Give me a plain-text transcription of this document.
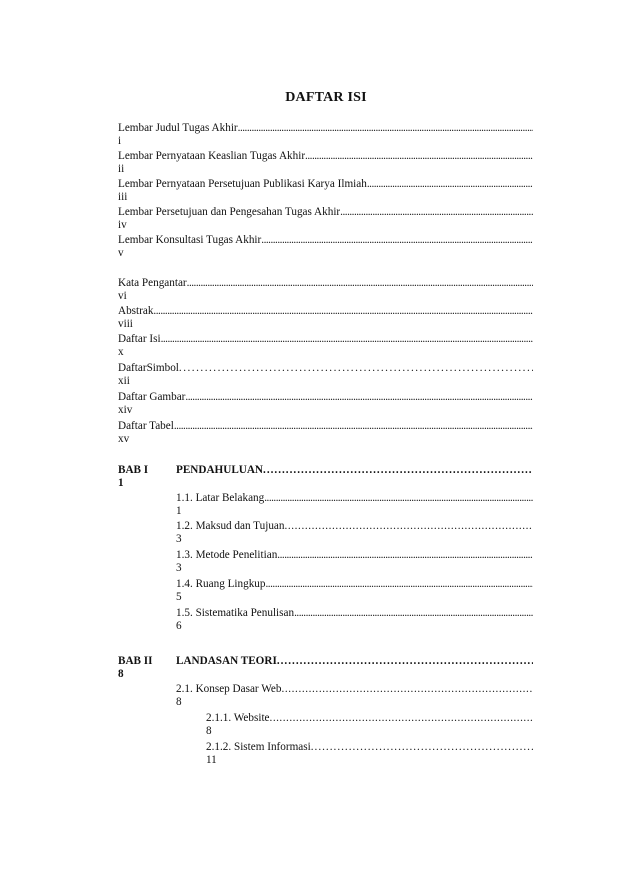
DAFTAR ISI
Lembar Judul Tugas Akhir
.....
i
Lembar Pernyataan Keaslian Tugas Akhir
.....
ii
Lembar Pernyataan Persetujuan Publikasi Karya Ilmiah
.....
iii
Lembar Persetujuan dan Pengesahan Tugas Akhir
.....
iv
Lembar Konsultasi Tugas Akhir
.....
v
Kata Pengantar
.....
vi
Abstrak
.....
viii
Daftar Isi
.....
x
DaftarSimbol
.....
xii
Daftar Gambar
.....
xiv
Daftar Tabel
.....
xv
BAB I	PENDAHULUAN
.....
1
1.1. Latar Belakang
.....
1
1.2. Maksud dan Tujuan
.....
3
1.3. Metode Penelitian
.....
3
1.4. Ruang Lingkup
.....
5
1.5. Sistematika Penulisan
.....
6
BAB II	LANDASAN TEORI
.....
8
2.1. Konsep Dasar Web
.....
8
2.1.1. Website
.....
8
2.1.2. Sistem Informasi
.....
11
